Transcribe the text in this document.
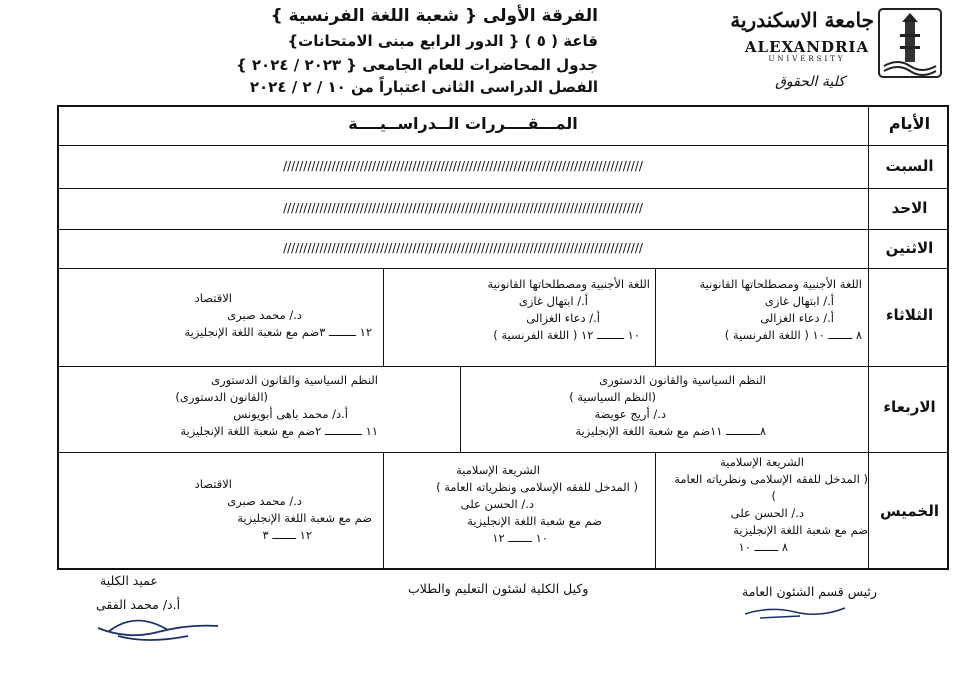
جامعة الاسكندرية
ALEXANDRIA
UNIVERSITY
كلية الحقوق
الفرقة الأولى { شعبة اللغة الفرنسية }
قاعة ( ٥ ) { الدور الرابع مبنى الامتحانات}
جدول المحاضرات للعام الجامعى { ٢٠٢٣ / ٢٠٢٤ }
الفصل الدراسى الثانى اعتباراً من ١٠ / ٢ / ٢٠٢٤
الأيام
المـــقــــررات الــدراســيــــة
السبت
/////////////////////////////////////////////////////////////////////////////////////////
الاحد
/////////////////////////////////////////////////////////////////////////////////////////
الاثنين
/////////////////////////////////////////////////////////////////////////////////////////
الثلاثاء
اللغة الأجنبية ومصطلحاتها القانونية
أ./ ابتهال غازى
أ./ دعاء الغزالى
٨ ـــــــ ١٠ ( اللغة الفرنسية )
اللغة الأجنبية ومصطلحاتها القانونية
أ./ ابتهال غازى
أ./ دعاء الغزالى
١٠ ــــــــ ١٢ ( اللغة الفرنسية )
الاقتصاد
د./ محمد صبرى
١٢ ــــــــ ٣ضم مع شعبة اللغة الإنجليزية
الاربعاء
النظم السياسية والقانون الدستورى
(النظم السياسية )
د./ أريج عويضة
٨ــــــــــ ١١ضم مع شعبة اللغة الإنجليزية
النظم السياسية والقانون الدستورى
(القانون الدستورى)
أ.د/ محمد باهى أبويونس
١١ ـــــــــــ ٢ضم مع شعبة اللغة الإنجليزية
الخميس
الشريعة الإسلامية
( المدخل للفقه الإسلامى ونظرياته العامة
)
د./ الحسن على
ضم مع شعبة اللغة الإنجليزية
٨ ـــــــ ١٠
الشريعة الإسلامية
( المدخل للفقه الإسلامى ونظرياته العامة )
د./ الحسن على
ضم مع شعبة اللغة الإنجليزية
١٠ ـــــــ ١٢
الاقتصاد
د./ محمد صبرى
ضم مع شعبة اللغة الإنجليزية
١٢ ـــــــ ٣
عميد الكلية
أ.د/ محمد الفقى
وكيل الكلية لشئون التعليم والطلاب	رئيس قسم الشئون العامة
